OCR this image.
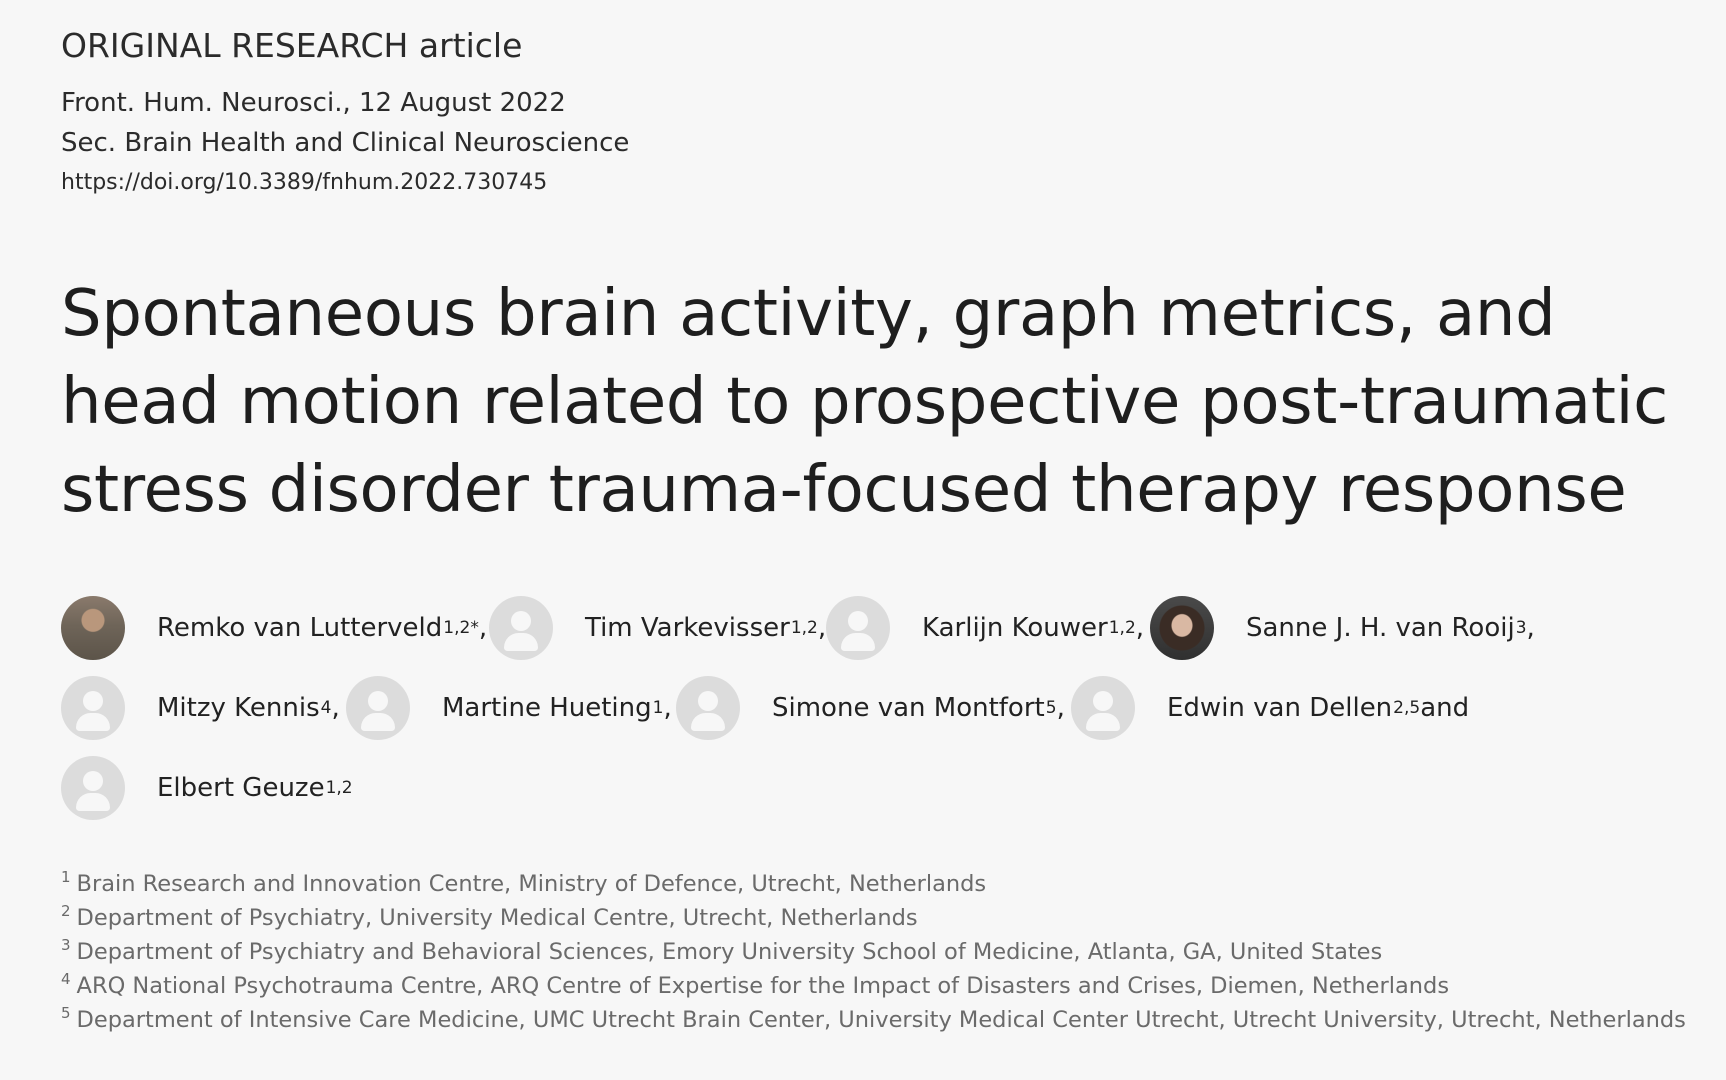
ORIGINAL RESEARCH article
Front. Hum. Neurosci., 12 August 2022
Sec. Brain Health and Clinical Neuroscience
https://doi.org/10.3389/fnhum.2022.730745
Spontaneous brain activity, graph metrics, and head motion related to prospective post-traumatic stress disorder trauma-focused therapy response
Remko van Lutterveld 1,2* ,	Tim Varkevisser 1,2 ,	Karlijn Kouwer 1,2 ,	Sanne J. H. van Rooij 3 ,
Mitzy Kennis 4 ,	Martine Hueting 1 ,	Simone van Montfort 5 ,	Edwin van Dellen 2,5 and
Elbert Geuze 1,2
$^1$ Brain Research and Innovation Centre, Ministry of Defence, Utrecht, Netherlands
$^2$ Department of Psychiatry, University Medical Centre, Utrecht, Netherlands
$^3$ Department of Psychiatry and Behavioral Sciences, Emory University School of Medicine, Atlanta, GA, United States
$^4$ ARQ National Psychotrauma Centre, ARQ Centre of Expertise for the Impact of Disasters and Crises, Diemen, Netherlands
$^5$ Department of Intensive Care Medicine, UMC Utrecht Brain Center, University Medical Center Utrecht, Utrecht University, Utrecht, Netherlands
